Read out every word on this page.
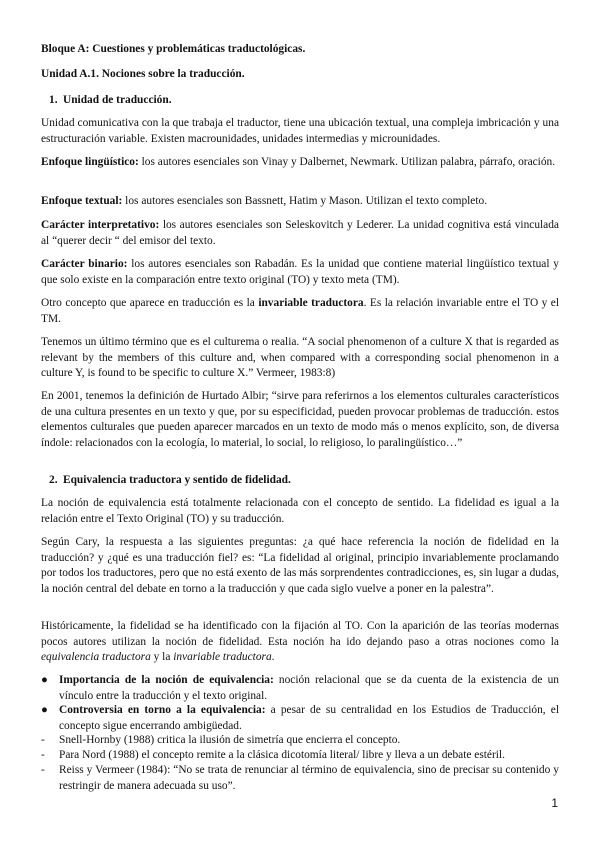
Bloque A: Cuestiones y problemáticas traductológicas.

Unidad A.1. Nociones sobre la traducción.

1. Unidad de traducción.

Unidad comunicativa con la que trabaja el traductor, tiene una ubicación textual, una compleja imbricación y una estructuración variable. Existen macrounidades, unidades intermedias y microunidades.

Enfoque lingüístico: los autores esenciales son Vinay y Dalbernet, Newmark. Utilizan palabra, párrafo, oración.

Enfoque textual: los autores esenciales son Bassnett, Hatim y Mason. Utilizan el texto completo.

Carácter interpretativo: los autores esenciales son Seleskovitch y Lederer. La unidad cognitiva está vinculada al “querer decir “ del emisor del texto.

Carácter binario: los autores esenciales son Rabadán. Es la unidad que contiene material lingüístico textual y que solo existe en la comparación entre texto original (TO) y texto meta (TM).

Otro concepto que aparece en traducción es la invariable traductora. Es la relación invariable entre el TO y el TM.

Tenemos un último término que es el culturema o realia. “A social phenomenon of a culture X that is regarded as relevant by the members of this culture and, when compared with a corresponding social phenomenon in a culture Y, is found to be specific to culture X.” Vermeer, 1983:8)

En 2001, tenemos la definición de Hurtado Albir; “sirve para referirnos a los elementos culturales característicos de una cultura presentes en un texto y que, por su especificidad, pueden provocar problemas de traducción. estos elementos culturales que pueden aparecer marcados en un texto de modo más o menos explícito, son, de diversa índole: relacionados con la ecología, lo material, lo social, lo religioso, lo paralingüístico…”

2. Equivalencia traductora y sentido de fidelidad.

La noción de equivalencia está totalmente relacionada con el concepto de sentido. La fidelidad es igual a la relación entre el Texto Original (TO) y su traducción.

Según Cary, la respuesta a las siguientes preguntas: ¿a qué hace referencia la noción de fidelidad en la traducción? y ¿qué es una traducción fiel? es: “La fidelidad al original, principio invariablemente proclamando por todos los traductores, pero que no está exento de las más sorprendentes contradicciones, es, sin lugar a dudas, la noción central del debate en torno a la traducción y que cada siglo vuelve a poner en la palestra”.

Históricamente, la fidelidad se ha identificado con la fijación al TO. Con la aparición de las teorías modernas pocos autores utilizan la noción de fidelidad. Esta noción ha ido dejando paso a otras nociones como la equivalencia traductora y la invariable traductora.

● Importancia de la noción de equivalencia: noción relacional que se da cuenta de la existencia de un vínculo entre la traducción y el texto original.

● Controversia en torno a la equivalencia: a pesar de su centralidad en los Estudios de Traducción, el concepto sigue encerrando ambigüedad.

- Snell-Hornby (1988) critica la ilusión de simetría que encierra el concepto.

- Para Nord (1988) el concepto remite a la clásica dicotomía literal/ libre y lleva a un debate estéril.

- Reiss y Vermeer (1984): “No se trata de renunciar al término de equivalencia, sino de precisar su contenido y restringir de manera adecuada su uso”.

1
